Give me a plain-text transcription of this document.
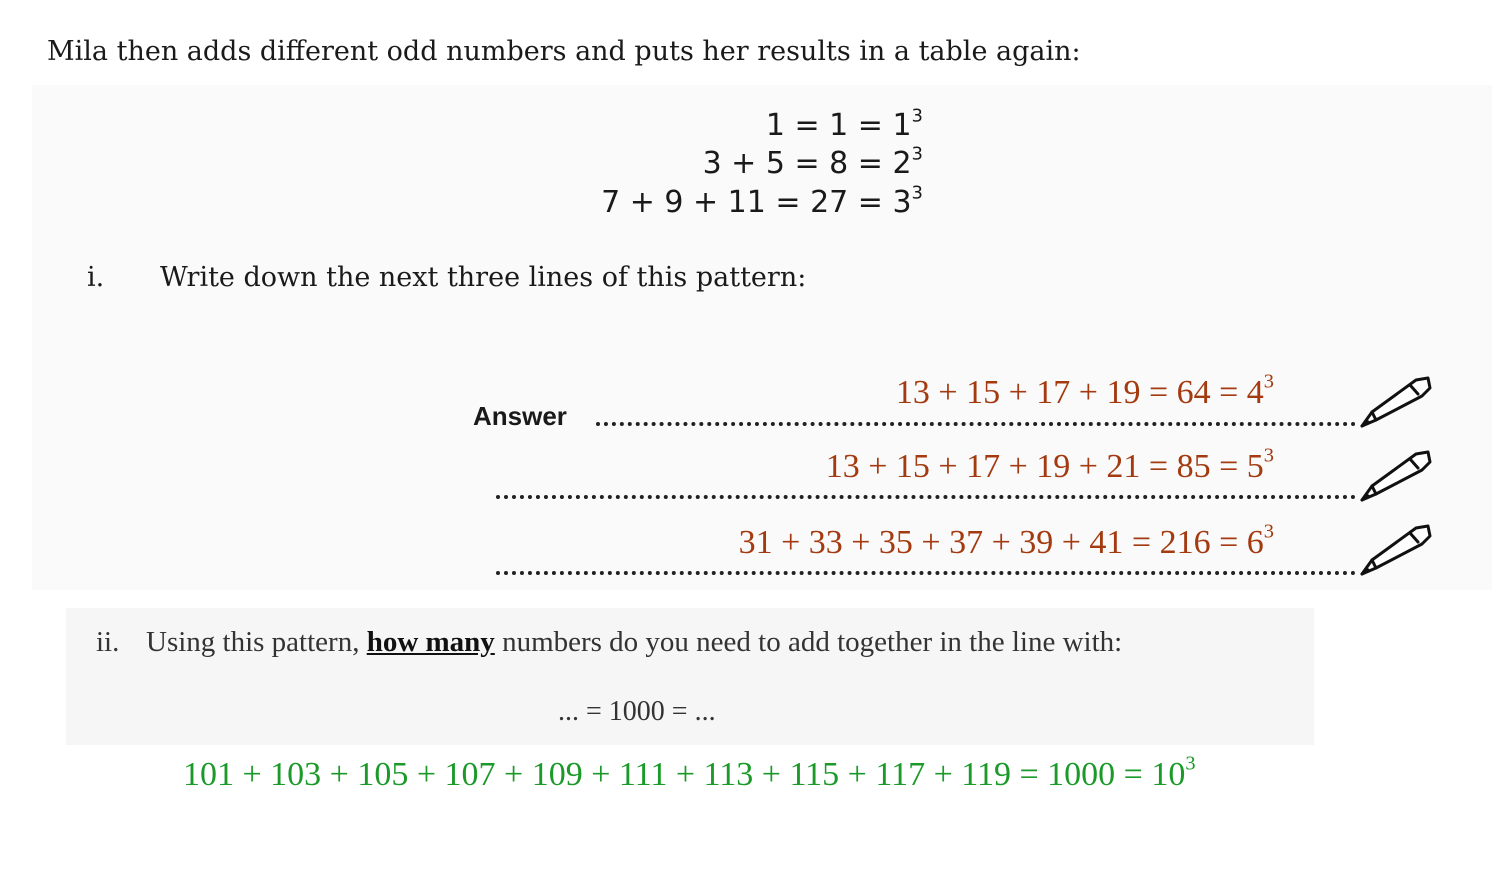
Mila then adds different odd numbers and puts her results in a table again:
$1 = 1 = 1^3$
$3 + 5 = 8 = 2^3$
$7 + 9 + 11 = 27 = 3^3$
i. Write down the next three lines of this pattern:
Answer
$13 + 15 + 17 + 19 = 64 = 4^3$
$13 + 15 + 17 + 19 + 21 = 85 = 5^3$
$31 + 33 + 35 + 37 + 39 + 41 = 216 = 6^3$
ii. Using this pattern, how many numbers do you need to add together in the line with:
... = 1000 = ...
$101 + 103 + 105 + 107 + 109 + 111 + 113 + 115 + 117 + 119 = 1000 = 10^3$
